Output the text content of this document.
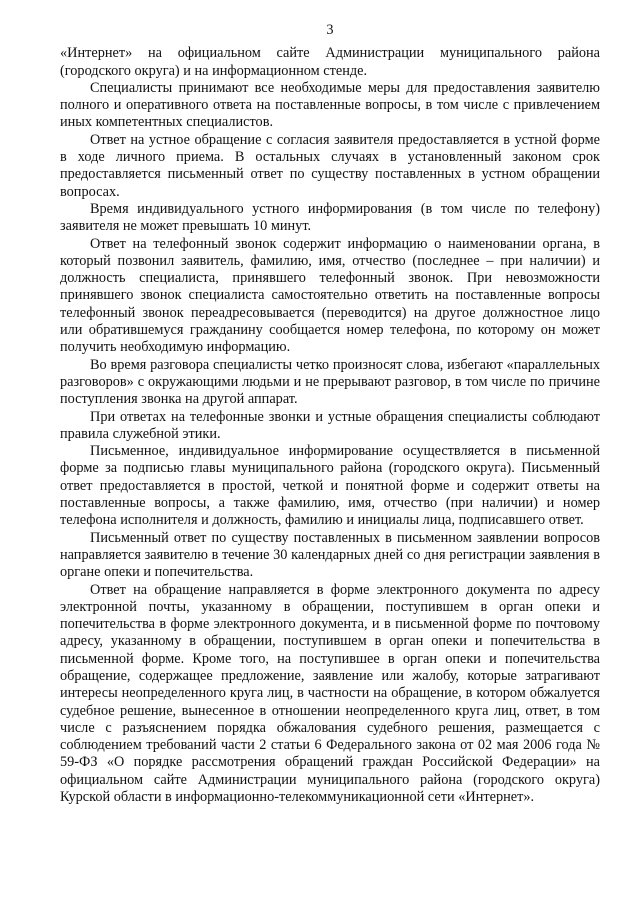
3

«Интернет» на официальном сайте Администрации муниципального района (городского округа) и на информационном стенде.

Специалисты принимают все необходимые меры для предоставления заявителю полного и оперативного ответа на поставленные вопросы, в том числе с привлечением иных компетентных специалистов.

Ответ на устное обращение с согласия заявителя предоставляется в устной форме в ходе личного приема. В остальных случаях в установленный законом срок предоставляется письменный ответ по существу поставленных в устном обращении вопросах.

Время индивидуального устного информирования (в том числе по телефону) заявителя не может превышать 10 минут.

Ответ на телефонный звонок содержит информацию о наименовании органа, в который позвонил заявитель, фамилию, имя, отчество (последнее – при наличии) и должность специалиста, принявшего телефонный звонок. При невозможности принявшего звонок специалиста самостоятельно ответить на поставленные вопросы телефонный звонок переадресовывается (переводится) на другое должностное лицо или обратившемуся гражданину сообщается номер телефона, по которому он может получить необходимую информацию.

Во время разговора специалисты четко произносят слова, избегают «параллельных разговоров» с окружающими людьми и не прерывают разговор, в том числе по причине поступления звонка на другой аппарат.

При ответах на телефонные звонки и устные обращения специалисты соблюдают правила служебной этики.

Письменное, индивидуальное информирование осуществляется в письменной форме за подписью главы муниципального района (городского округа). Письменный ответ предоставляется в простой, четкой и понятной форме и содержит ответы на поставленные вопросы, а также фамилию, имя, отчество (при наличии) и номер телефона исполнителя и должность, фамилию и инициалы лица, подписавшего ответ.

Письменный ответ по существу поставленных в письменном заявлении вопросов направляется заявителю в течение 30 календарных дней со дня регистрации заявления в органе опеки и попечительства.

Ответ на обращение направляется в форме электронного документа по адресу электронной почты, указанному в обращении, поступившем в орган опеки и попечительства в форме электронного документа, и в письменной форме по почтовому адресу, указанному в обращении, поступившем в орган опеки и попечительства в письменной форме. Кроме того, на поступившее в орган опеки и попечительства обращение, содержащее предложение, заявление или жалобу, которые затрагивают интересы неопределенного круга лиц, в частности на обращение, в котором обжалуется судебное решение, вынесенное в отношении неопределенного круга лиц, ответ, в том числе с разъяснением порядка обжалования судебного решения, размещается с соблюдением требований части 2 статьи 6 Федерального закона от 02 мая 2006 года № 59-ФЗ «О порядке рассмотрения обращений граждан Российской Федерации» на официальном сайте Администрации муниципального района (городского округа) Курской области в информационно-телекоммуникационной сети «Интернет».
